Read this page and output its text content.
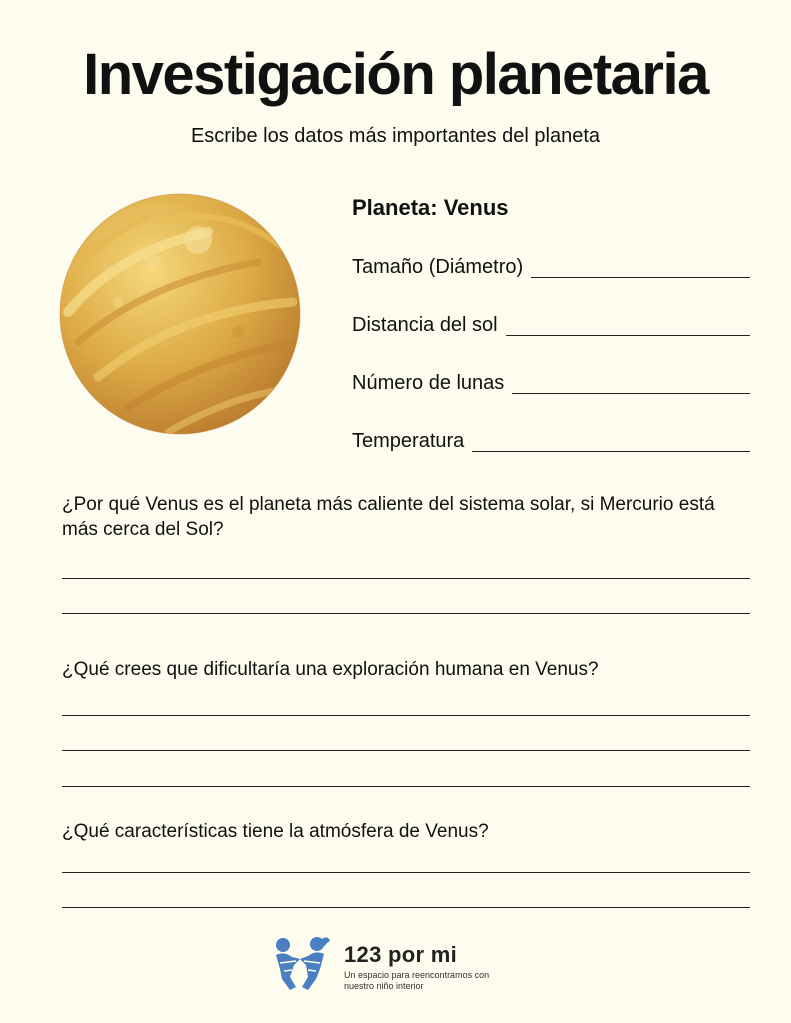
Investigación planetaria
Escribe los datos más importantes del planeta
Planeta: Venus
Tamaño (Diámetro)
Distancia del sol
Número de lunas
Temperatura
¿Por qué Venus es el planeta más caliente del sistema solar, si Mercurio está más cerca del Sol?
¿Qué crees que dificultaría una exploración humana en Venus?
¿Qué características tiene la atmósfera de Venus?
123 por mi
Un espacio para reencontramos con
nuestro niño interior
